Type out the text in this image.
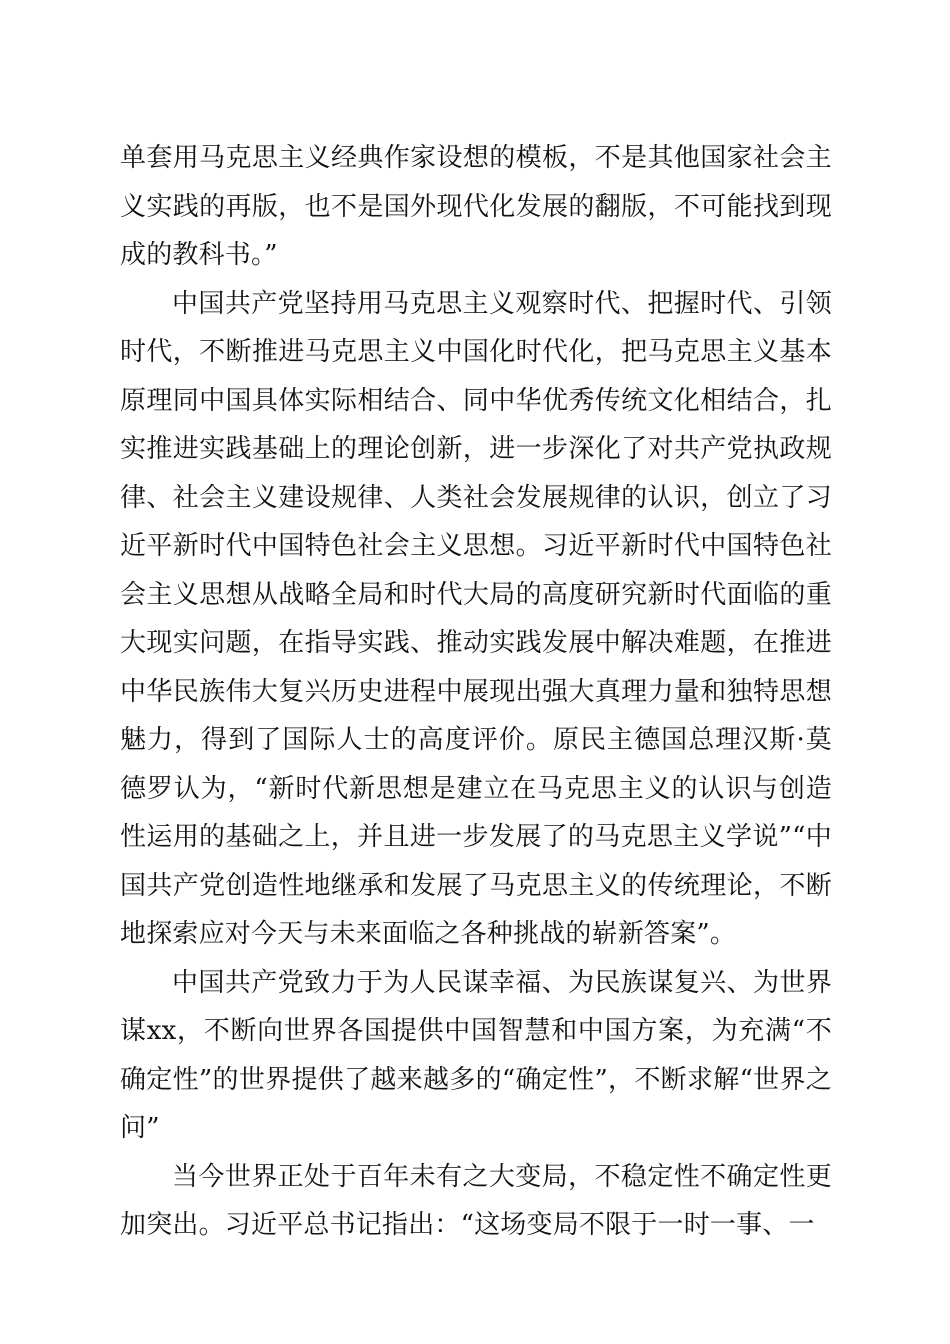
单套用马克思主义经典作家设想的模板，不是其他国家社会主义实践的再版，也不是国外现代化发展的翻版，不可能找到现成的教科书。”

中国共产党坚持用马克思主义观察时代、把握时代、引领时代，不断推进马克思主义中国化时代化，把马克思主义基本原理同中国具体实际相结合、同中华优秀传统文化相结合，扎实推进实践基础上的理论创新，进一步深化了对共产党执政规律、社会主义建设规律、人类社会发展规律的认识，创立了习近平新时代中国特色社会主义思想。习近平新时代中国特色社会主义思想从战略全局和时代大局的高度研究新时代面临的重大现实问题，在指导实践、推动实践发展中解决难题，在推进中华民族伟大复兴历史进程中展现出强大真理力量和独特思想魅力，得到了国际人士的高度评价。原民主德国总理汉斯·莫德罗认为，“新时代新思想是建立在马克思主义的认识与创造性运用的基础之上，并且进一步发展了的马克思主义学说”“中国共产党创造性地继承和发展了马克思主义的传统理论，不断地探索应对今天与未来面临之各种挑战的崭新答案”。

中国共产党致力于为人民谋幸福、为民族谋复兴、为世界谋xx，不断向世界各国提供中国智慧和中国方案，为充满“不确定性”的世界提供了越来越多的“确定性”，不断求解“世界之问”

当今世界正处于百年未有之大变局，不稳定性不确定性更加突出。习近平总书记指出：“这场变局不限于一时一事、一
